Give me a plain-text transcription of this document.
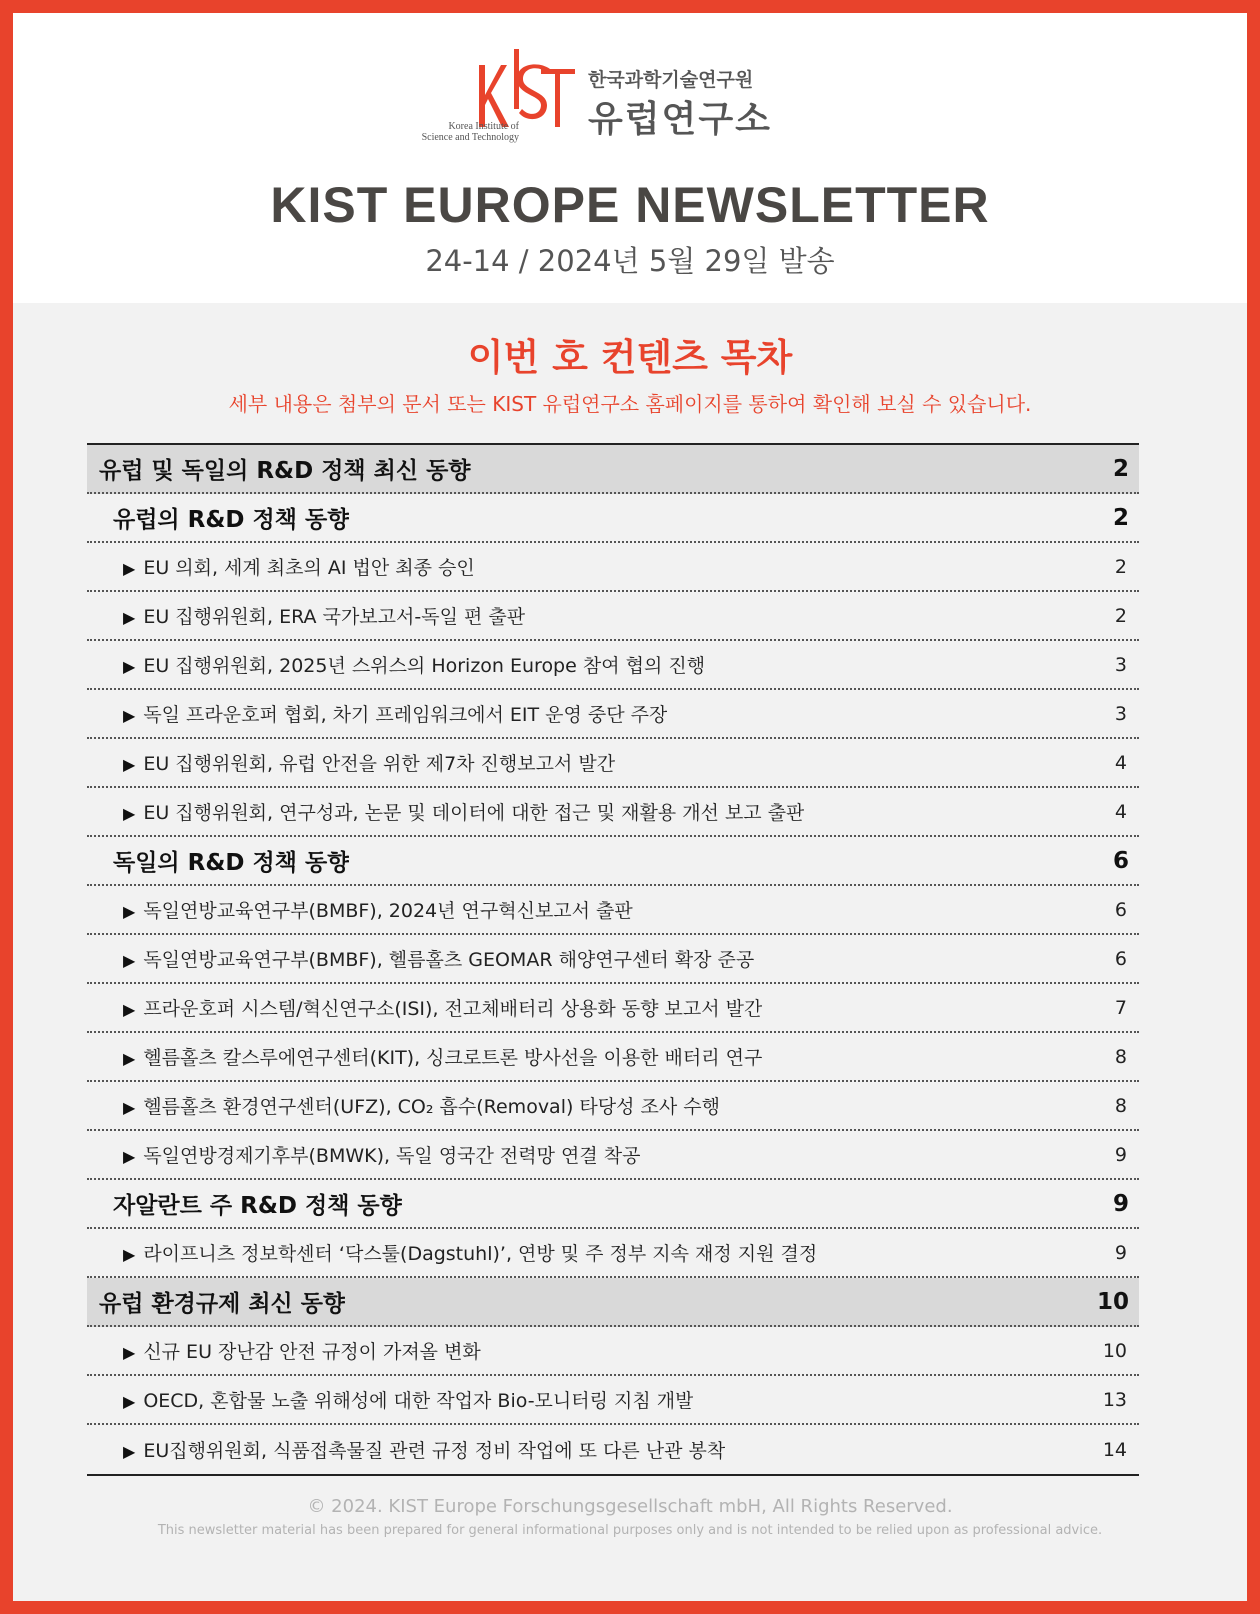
Korea Institute of
Science and Technology
한국과학기술연구원
유럽연구소
KIST EUROPE NEWSLETTER
24-14 / 2024년 5월 29일 발송
이번 호 컨텐츠 목차
세부 내용은 첨부의 문서 또는 KIST 유럽연구소 홈페이지를 통하여 확인해 보실 수 있습니다.
유럽 및 독일의 R&D 정책 최신 동향	2
유럽의 R&D 정책 동향	2
▶ EU 의회, 세계 최초의 AI 법안 최종 승인	2
▶ EU 집행위원회, ERA 국가보고서-독일 편 출판	2
▶ EU 집행위원회, 2025년 스위스의 Horizon Europe 참여 협의 진행	3
▶ 독일 프라운호퍼 협회, 차기 프레임워크에서 EIT 운영 중단 주장	3
▶ EU 집행위원회, 유럽 안전을 위한 제7차 진행보고서 발간	4
▶ EU 집행위원회, 연구성과, 논문 및 데이터에 대한 접근 및 재활용 개선 보고 출판	4
독일의 R&D 정책 동향	6
▶ 독일연방교육연구부(BMBF), 2024년 연구혁신보고서 출판	6
▶ 독일연방교육연구부(BMBF), 헬름홀츠 GEOMAR 해양연구센터 확장 준공	6
▶ 프라운호퍼 시스템/혁신연구소(ISI), 전고체배터리 상용화 동향 보고서 발간	7
▶ 헬름홀츠 칼스루에연구센터(KIT), 싱크로트론 방사선을 이용한 배터리 연구	8
▶ 헬름홀츠 환경연구센터(UFZ), CO₂ 흡수(Removal) 타당성 조사 수행	8
▶ 독일연방경제기후부(BMWK), 독일 영국간 전력망 연결 착공	9
자알란트 주 R&D 정책 동향	9
▶ 라이프니츠 정보학센터 ‘닥스툴(Dagstuhl)’, 연방 및 주 정부 지속 재정 지원 결정	9
유럽 환경규제 최신 동향	10
▶ 신규 EU 장난감 안전 규정이 가져올 변화	10
▶ OECD, 혼합물 노출 위해성에 대한 작업자 Bio-모니터링 지침 개발	13
▶ EU집행위원회, 식품접촉물질 관련 규정 정비 작업에 또 다른 난관 봉착	14
© 2024. KIST Europe Forschungsgesellschaft mbH, All Rights Reserved.
This newsletter material has been prepared for general informational purposes only and is not intended to be relied upon as professional advice.
